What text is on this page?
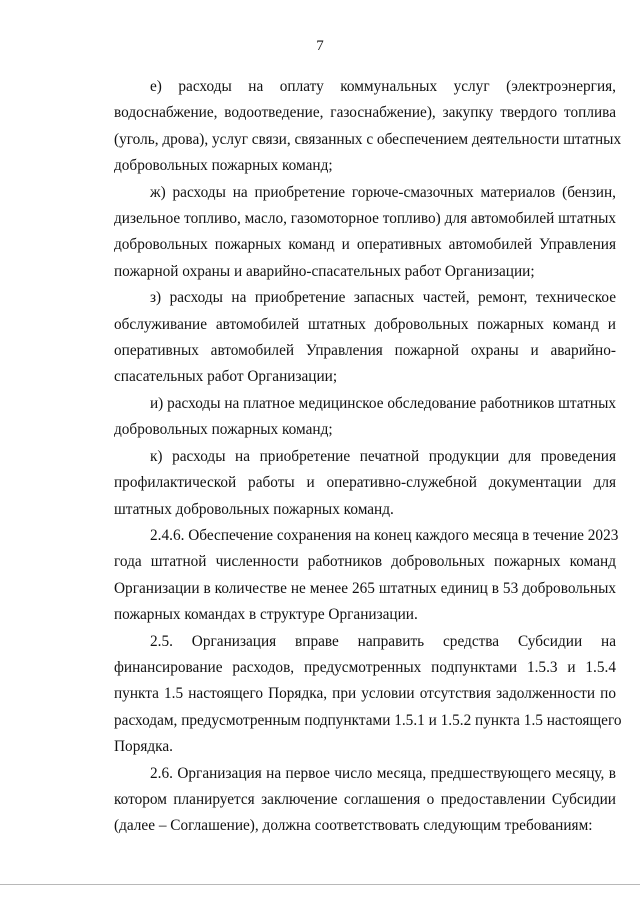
7
е) расходы на оплату коммунальных услуг (электроэнергия,
водоснабжение, водоотведение, газоснабжение), закупку твердого топлива
(уголь, дрова), услуг связи, связанных с обеспечением деятельности штатных
добровольных пожарных команд;
ж) расходы на приобретение горюче-смазочных материалов (бензин,
дизельное топливо, масло, газомоторное топливо) для автомобилей штатных
добровольных пожарных команд и оперативных автомобилей Управления
пожарной охраны и аварийно-спасательных работ Организации;
з) расходы на приобретение запасных частей, ремонт, техническое
обслуживание автомобилей штатных добровольных пожарных команд и
оперативных автомобилей Управления пожарной охраны и аварийно-
спасательных работ Организации;
и) расходы на платное медицинское обследование работников штатных
добровольных пожарных команд;
к) расходы на приобретение печатной продукции для проведения
профилактической работы и оперативно-служебной документации для
штатных добровольных пожарных команд.
2.4.6. Обеспечение сохранения на конец каждого месяца в течение 2023
года штатной численности работников добровольных пожарных команд
Организации в количестве не менее 265 штатных единиц в 53 добровольных
пожарных командах в структуре Организации.
2.5. Организация вправе направить средства Субсидии на
финансирование расходов, предусмотренных подпунктами 1.5.3 и 1.5.4
пункта 1.5 настоящего Порядка, при условии отсутствия задолженности по
расходам, предусмотренным подпунктами 1.5.1 и 1.5.2 пункта 1.5 настоящего
Порядка.
2.6. Организация на первое число месяца, предшествующего месяцу, в
котором планируется заключение соглашения о предоставлении Субсидии
(далее – Соглашение), должна соответствовать следующим требованиям:
